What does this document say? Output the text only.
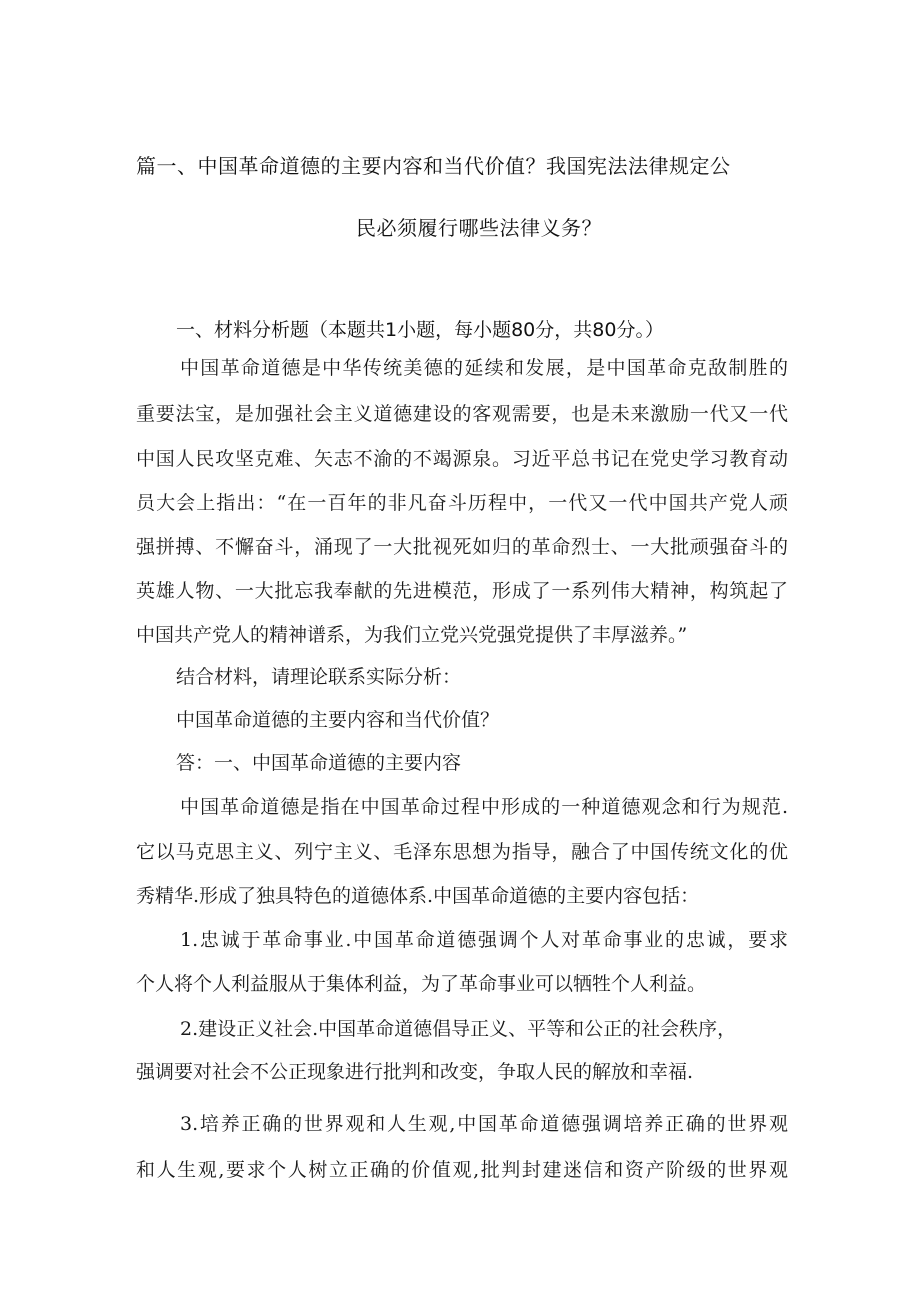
篇一、中国革命道德的主要内容和当代价值？我国宪法法律规定公
民必须履行哪些法律义务？
一、材料分析题（本题共1小题，每小题80分，共80分。）
中国革命道德是中华传统美德的延续和发展，是中国革命克敌制胜的
重要法宝，是加强社会主义道德建设的客观需要，也是未来激励一代又一代
中国人民攻坚克难、矢志不渝的不竭源泉。习近平总书记在党史学习教育动
员大会上指出：“在一百年的非凡奋斗历程中，一代又一代中国共产党人顽
强拼搏、不懈奋斗，涌现了一大批视死如归的革命烈士、一大批顽强奋斗的
英雄人物、一大批忘我奉献的先进模范，形成了一系列伟大精神，构筑起了
中国共产党人的精神谱系，为我们立党兴党强党提供了丰厚滋养。”
结合材料，请理论联系实际分析：
中国革命道德的主要内容和当代价值？
答：一、中国革命道德的主要内容
中国革命道德是指在中国革命过程中形成的一种道德观念和行为规范.
它以马克思主义、列宁主义、毛泽东思想为指导，融合了中国传统文化的优
秀精华.形成了独具特色的道德体系.中国革命道德的主要内容包括：
1.忠诚于革命事业.中国革命道德强调个人对革命事业的忠诚，要求
个人将个人利益服从于集体利益，为了革命事业可以牺牲个人利益。
2.建设正义社会.中国革命道德倡导正义、平等和公正的社会秩序，
强调要对社会不公正现象进行批判和改变，争取人民的解放和幸福.
3.培养正确的世界观和人生观,中国革命道德强调培养正确的世界观
和人生观,要求个人树立正确的价值观,批判封建迷信和资产阶级的世界观
